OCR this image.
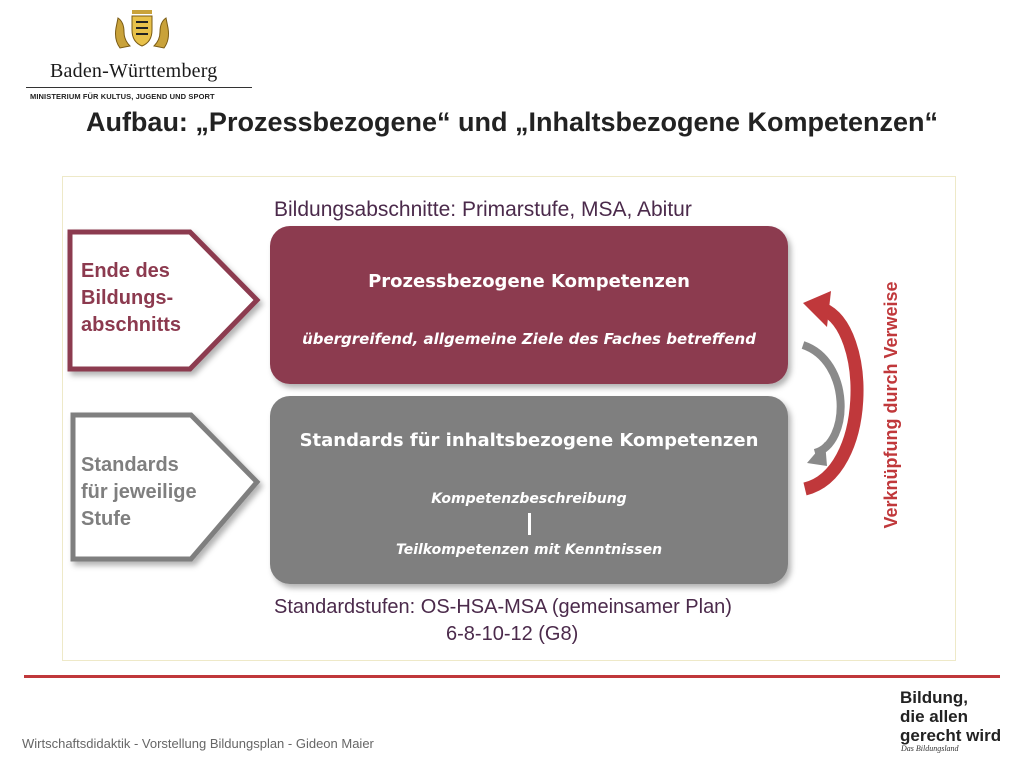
Baden-Württemberg
MINISTERIUM FÜR KULTUS, JUGEND UND SPORT
Aufbau: „Prozessbezogene“ und „Inhaltsbezogene Kompetenzen“
Bildungsabschnitte: Primarstufe, MSA, Abitur
Ende des Bildungs- abschnitts
Standards für jeweilige Stufe
Prozessbezogene Kompetenzen
übergreifend, allgemeine Ziele des Faches betreffend
Standards für inhaltsbezogene Kompetenzen
Kompetenzbeschreibung
Teilkompetenzen mit Kenntnissen
Standardstufen: OS-HSA-MSA (gemeinsamer Plan)
6-8-10-12 (G8)
Verknüpfung durch Verweise
Wirtschaftsdidaktik - Vorstellung Bildungsplan - Gideon Maier
Bildung,
die allen
gerecht wird
Das Bildungsland
